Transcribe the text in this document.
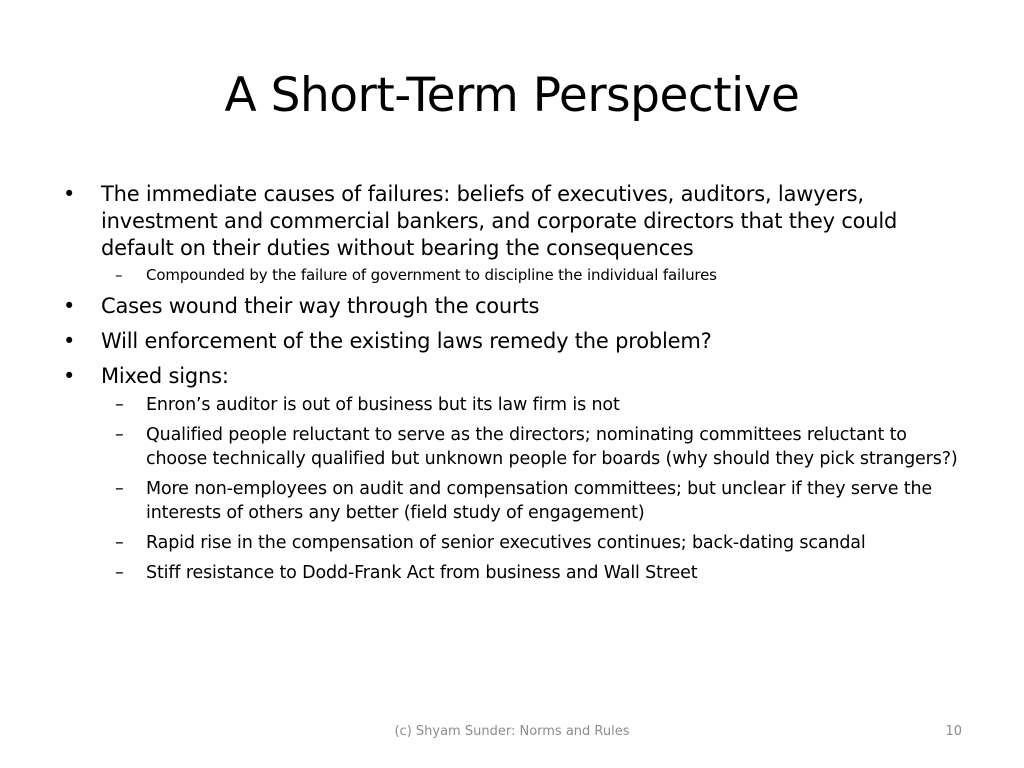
A Short-Term Perspective
•	The immediate causes of failures: beliefs of executives, auditors, lawyers, investment and commercial bankers, and corporate directors that they could default on their duties without bearing the consequences
–	Compounded by the failure of government to discipline the individual failures
•	Cases wound their way through the courts
•	Will enforcement of the existing laws remedy the problem?
•	Mixed signs:
–	Enron’s auditor is out of business but its law firm is not
–	Qualified people reluctant to serve as the directors; nominating committees reluctant to choose technically qualified but unknown people for boards (why should they pick strangers?)
–	More non-employees on audit and compensation committees; but unclear if they serve the interests of others any better (field study of engagement)
–	Rapid rise in the compensation of senior executives continues; back-dating scandal
–	Stiff resistance to Dodd-Frank Act from business and Wall Street
(c) Shyam Sunder: Norms and Rules	10
